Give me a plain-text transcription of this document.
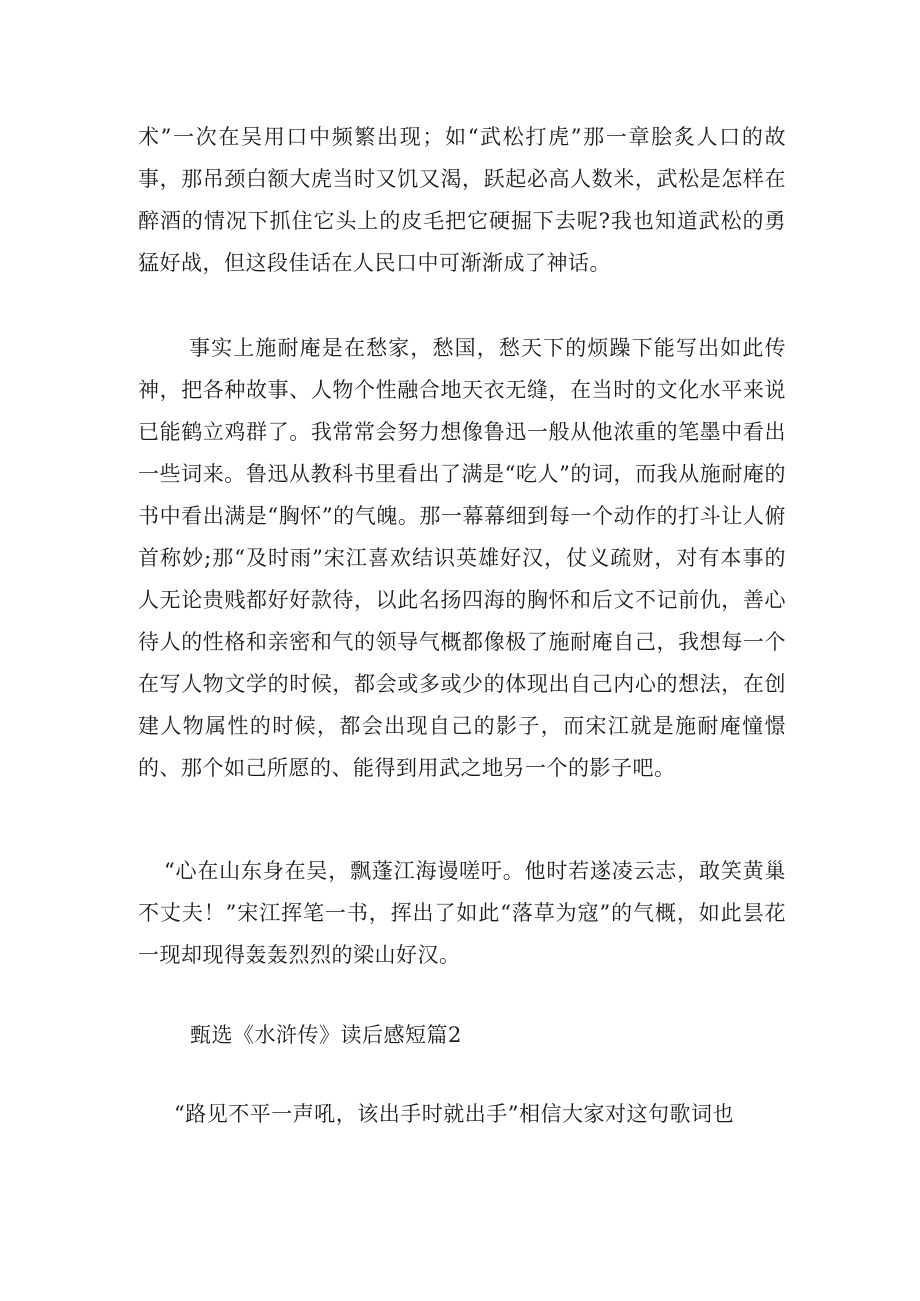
术”一次在吴用口中频繁出现；如“武松打虎”那一章脍炙人口的故事，那吊颈白额大虎当时又饥又渴，跃起必高人数米，武松是怎样在醉酒的情况下抓住它头上的皮毛把它硬掘下去呢?我也知道武松的勇猛好战，但这段佳话在人民口中可渐渐成了神话。

事实上施耐庵是在愁家，愁国，愁天下的烦躁下能写出如此传神，把各种故事、人物个性融合地天衣无缝，在当时的文化水平来说已能鹤立鸡群了。我常常会努力想像鲁迅一般从他浓重的笔墨中看出一些词来。鲁迅从教科书里看出了满是“吃人”的词，而我从施耐庵的书中看出满是“胸怀”的气魄。那一幕幕细到每一个动作的打斗让人俯首称妙;那“及时雨”宋江喜欢结识英雄好汉，仗义疏财，对有本事的人无论贵贱都好好款待，以此名扬四海的胸怀和后文不记前仇，善心待人的性格和亲密和气的领导气概都像极了施耐庵自己，我想每一个在写人物文学的时候，都会或多或少的体现出自己内心的想法，在创建人物属性的时候，都会出现自己的影子，而宋江就是施耐庵憧憬的、那个如己所愿的、能得到用武之地另一个的影子吧。

“心在山东身在吴，飘蓬江海谩嗟吁。他时若遂凌云志，敢笑黄巢不丈夫！”宋江挥笔一书，挥出了如此“落草为寇”的气概，如此昙花一现却现得轰轰烈烈的梁山好汉。

甄选《水浒传》读后感短篇2

“路见不平一声吼，该出手时就出手”相信大家对这句歌词也
